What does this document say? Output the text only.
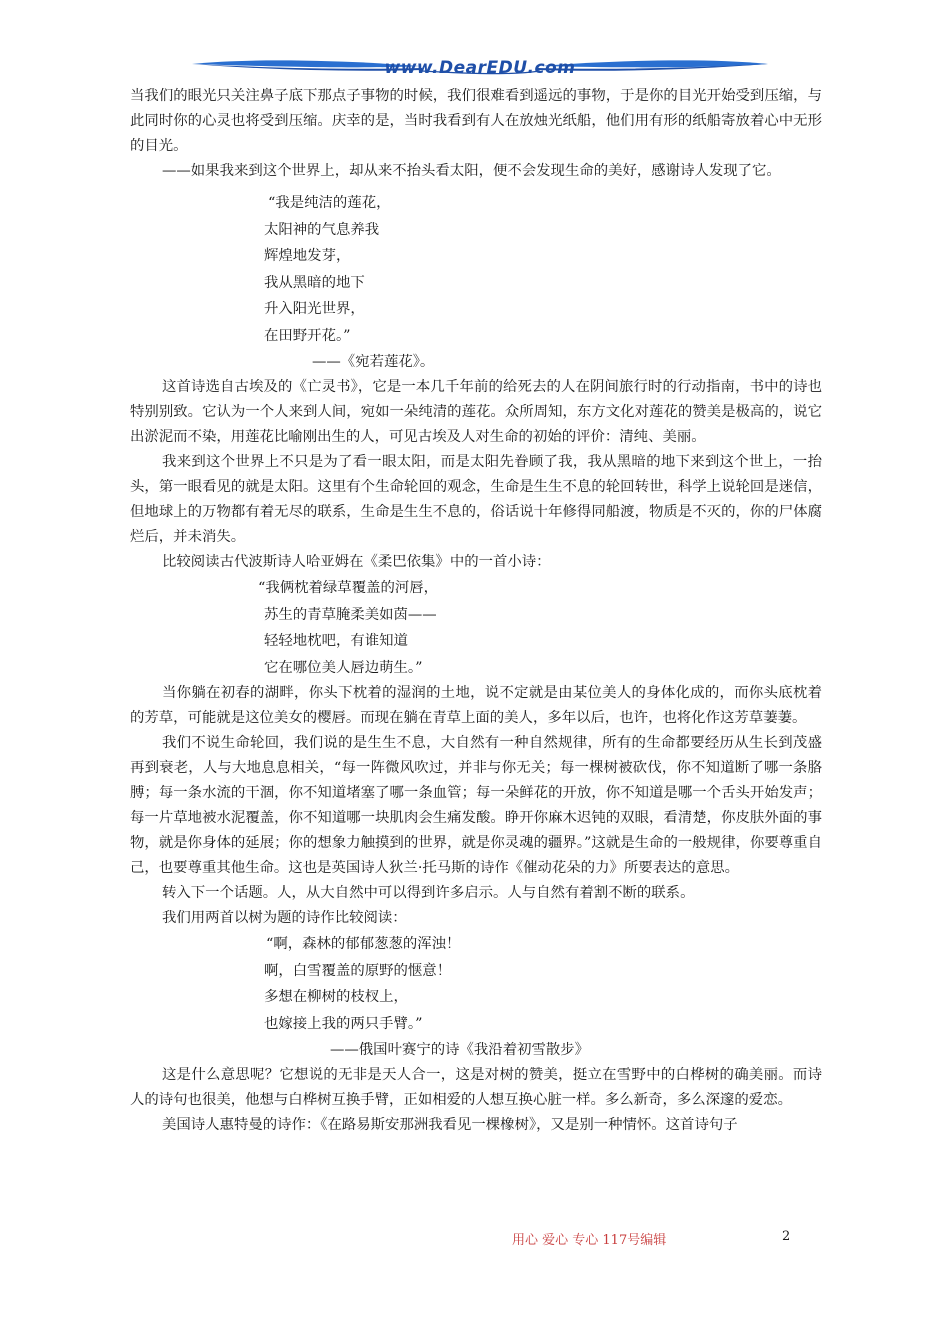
www.DearEDU.com

当我们的眼光只关注鼻子底下那点子事物的时候，我们很难看到遥远的事物，于是你的目光开始受到压缩，与此同时你的心灵也将受到压缩。庆幸的是，当时我看到有人在放烛光纸船，他们用有形的纸船寄放着心中无形的目光。

——如果我来到这个世界上，却从来不抬头看太阳，便不会发现生命的美好，感谢诗人发现了它。

“我是纯洁的莲花，

太阳神的气息养我

辉煌地发芽，

我从黑暗的地下

升入阳光世界，

在田野开花。”

——《宛若莲花》。

这首诗选自古埃及的《亡灵书》，它是一本几千年前的给死去的人在阴间旅行时的行动指南，书中的诗也特别别致。它认为一个人来到人间，宛如一朵纯清的莲花。众所周知，东方文化对莲花的赞美是极高的，说它出淤泥而不染，用莲花比喻刚出生的人，可见古埃及人对生命的初始的评价：清纯、美丽。

我来到这个世界上不只是为了看一眼太阳，而是太阳先眷顾了我，我从黑暗的地下来到这个世上，一抬头，第一眼看见的就是太阳。这里有个生命轮回的观念，生命是生生不息的轮回转世，科学上说轮回是迷信，但地球上的万物都有着无尽的联系，生命是生生不息的，俗话说十年修得同船渡，物质是不灭的，你的尸体腐烂后，并未消失。

比较阅读古代波斯诗人哈亚姆在《柔巴依集》中的一首小诗：

“我俩枕着绿草覆盖的河唇，

苏生的青草腌柔美如茵——

轻轻地枕吧，有谁知道

它在哪位美人唇边萌生。”

当你躺在初春的湖畔，你头下枕着的湿润的土地，说不定就是由某位美人的身体化成的，而你头底枕着的芳草，可能就是这位美女的樱唇。而现在躺在青草上面的美人，多年以后，也许，也将化作这芳草萋萋。

我们不说生命轮回，我们说的是生生不息，大自然有一种自然规律，所有的生命都要经历从生长到茂盛再到衰老，人与大地息息相关，“每一阵微风吹过，并非与你无关；每一棵树被砍伐，你不知道断了哪一条胳膊；每一条水流的干涸，你不知道堵塞了哪一条血管；每一朵鲜花的开放，你不知道是哪一个舌头开始发声；每一片草地被水泥覆盖，你不知道哪一块肌肉会生痛发酸。睁开你麻木迟钝的双眼，看清楚，你皮肤外面的事物，就是你身体的延展；你的想象力触摸到的世界，就是你灵魂的疆界。”这就是生命的一般规律，你要尊重自己，也要尊重其他生命。这也是英国诗人狄兰·托马斯的诗作《催动花朵的力》所要表达的意思。

转入下一个话题。人，从大自然中可以得到许多启示。人与自然有着割不断的联系。

我们用两首以树为题的诗作比较阅读：

“啊，森林的郁郁葱葱的浑浊！

啊，白雪覆盖的原野的惬意！

多想在柳树的枝杈上，

也嫁接上我的两只手臂。”

——俄国叶赛宁的诗《我沿着初雪散步》

这是什么意思呢？它想说的无非是天人合一，这是对树的赞美，挺立在雪野中的白桦树的确美丽。而诗人的诗句也很美，他想与白桦树互换手臂，正如相爱的人想互换心脏一样。多么新奇，多么深邃的爱恋。

美国诗人惠特曼的诗作：《在路易斯安那洲我看见一棵橡树》，又是别一种情怀。这首诗句子

用心 爱心 专心 117号编辑	2
